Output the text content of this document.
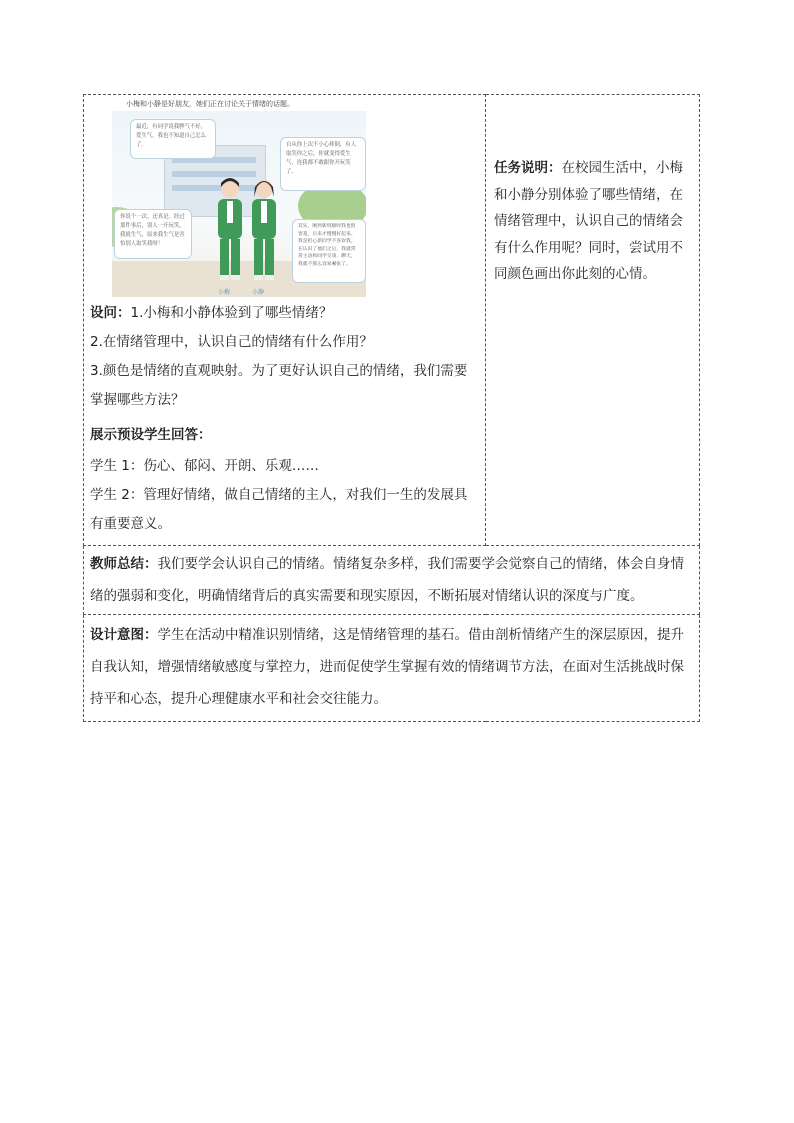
小梅和小静是好朋友，她们正在讨论关于情绪的话题。
最近，有同学说我脾气不好，爱生气，我也不知道自己怎么了。	自从你上次不小心摔倒，有人取笑你之后，你就变得爱生气，连我都不敢跟你开玩笑了。
你说个一次。还真是。经过那件事后，别人一开玩笑，我就生气，原来我生气是害怕别人取笑我呀！
其实，刚到新班级时我也很害羞，后来才慢慢好起来。我是担心新同学不喜欢我，在认识了他们之后，我就常常主动和同学交谈、聊天，我就不那么容易紧张了。
小梅	小静
设问：1.小梅和小静体验到了哪些情绪？
2.在情绪管理中，认识自己的情绪有什么作用？
3.颜色是情绪的直观映射。为了更好认识自己的情绪，我们需要掌握哪些方法？
展示预设学生回答：
学生 1：伤心、郁闷、开朗、乐观……
学生 2：管理好情绪，做自己情绪的主人，对我们一生的发展具有重要意义。

任务说明：在校园生活中，小梅和小静分别体验了哪些情绪，在情绪管理中，认识自己的情绪会有什么作用呢？同时，尝试用不同颜色画出你此刻的心情。

教师总结：我们要学会认识自己的情绪。情绪复杂多样，我们需要学会觉察自己的情绪，体会自身情绪的强弱和变化，明确情绪背后的真实需要和现实原因，不断拓展对情绪认识的深度与广度。

设计意图：学生在活动中精准识别情绪，这是情绪管理的基石。借由剖析情绪产生的深层原因，提升自我认知，增强情绪敏感度与掌控力，进而促使学生掌握有效的情绪调节方法，在面对生活挑战时保持平和心态，提升心理健康水平和社会交往能力。
